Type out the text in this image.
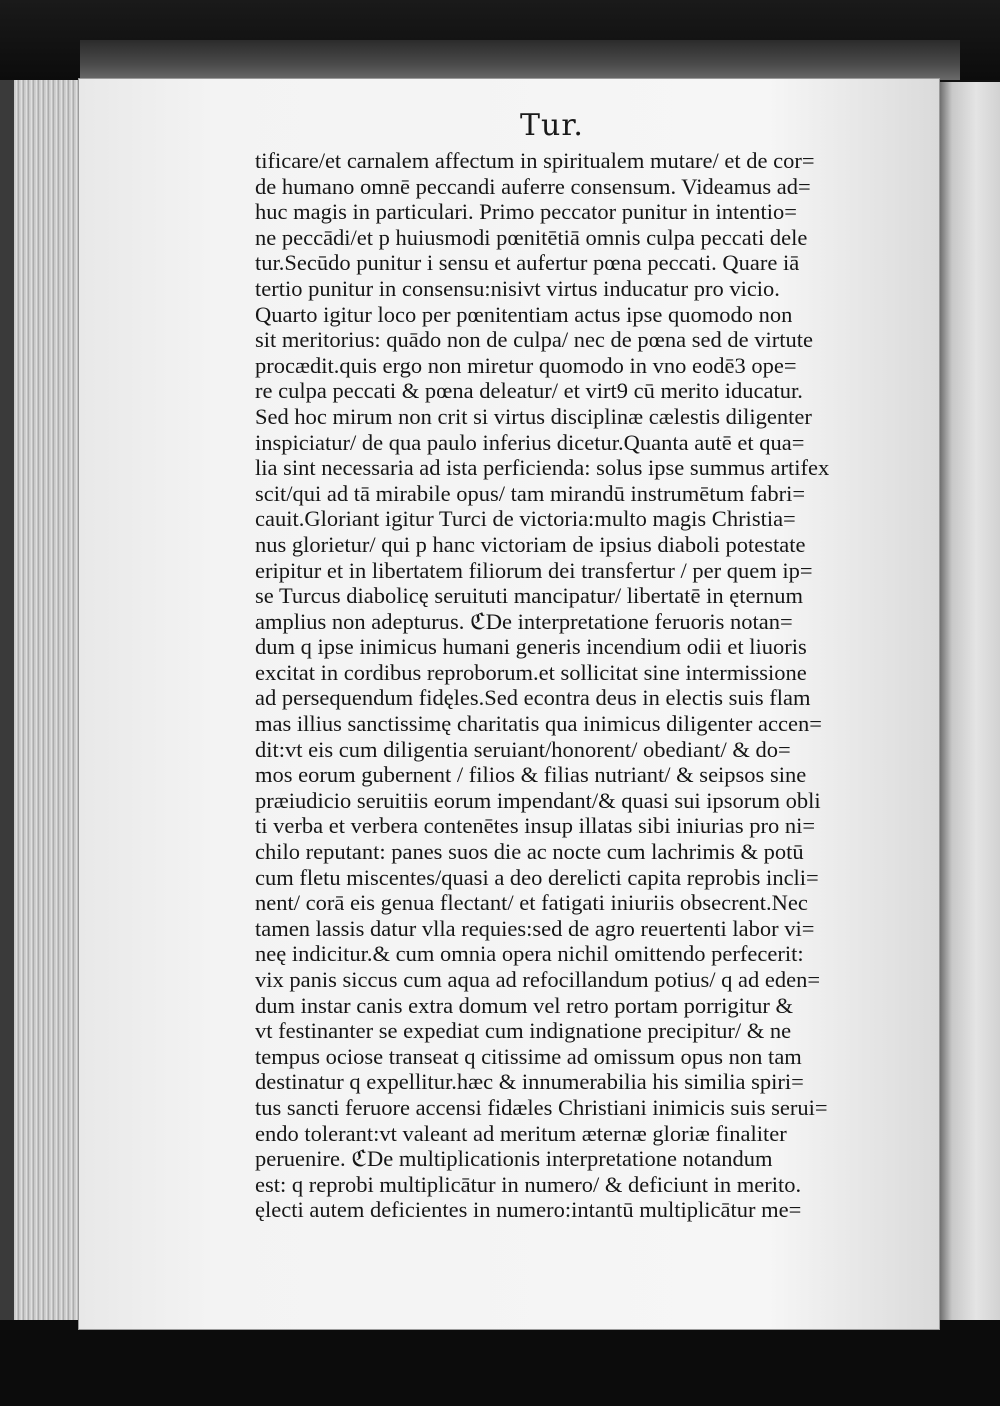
Tur.
tificare/et carnalem affectum in spiritualem mutare/ et de cor=
de humano omnē peccandi auferre consensum. Videamus ad=
huc magis in particulari. Primo peccator punitur in intentio=
ne peccādi/et p huiusmodi pœnitētiā omnis culpa peccati dele
tur.Secūdo punitur i sensu et aufertur pœna peccati. Quare iā
tertio punitur in consensu:nisivt virtus inducatur pro vicio.
Quarto igitur loco per pœnitentiam actus ipse quomodo non
sit meritorius: quādo non de culpa/ nec de pœna sed de virtute
procædit.quis ergo non miretur quomodo in vno eodē3 ope=
re culpa peccati & pœna deleatur/ et virt9 cū merito iducatur.
Sed hoc mirum non crit si virtus disciplinæ cælestis diligenter
inspiciatur/ de qua paulo inferius dicetur.Quanta autē et qua=
lia sint necessaria ad ista perficienda: solus ipse summus artifex
scit/qui ad tā mirabile opus/ tam mirandū instrumētum fabri=
cauit.Gloriant igitur Turci de victoria:multo magis Christia=
nus glorietur/ qui p hanc victoriam de ipsius diaboli potestate
eripitur et in libertatem filiorum dei transfertur / per quem ip=
se Turcus diabolicę seruituti mancipatur/ libertatē in ęternum
amplius non adepturus. ℭDe interpretatione feruoris notan=
dum q ipse inimicus humani generis incendium odii et liuoris
excitat in cordibus reproborum.et sollicitat sine intermissione
ad persequendum fidęles.Sed econtra deus in electis suis flam
mas illius sanctissimę charitatis qua inimicus diligenter accen=
dit:vt eis cum diligentia seruiant/honorent/ obediant/ & do=
mos eorum gubernent / filios & filias nutriant/ & seipsos sine
præiudicio seruitiis eorum impendant/& quasi sui ipsorum obli
ti verba et verbera contenētes insup illatas sibi iniurias pro ni=
chilo reputant: panes suos die ac nocte cum lachrimis & potū
cum fletu miscentes/quasi a deo derelicti capita reprobis incli=
nent/ corā eis genua flectant/ et fatigati iniuriis obsecrent.Nec
tamen lassis datur vlla requies:sed de agro reuertenti labor vi=
neę indicitur.& cum omnia opera nichil omittendo perfecerit:
vix panis siccus cum aqua ad refocillandum potius/ q ad eden=
dum instar canis extra domum vel retro portam porrigitur &
vt festinanter se expediat cum indignatione precipitur/ & ne
tempus ociose transeat q citissime ad omissum opus non tam
destinatur q expellitur.hæc & innumerabilia his similia spiri=
tus sancti feruore accensi fidæles Christiani inimicis suis serui=
endo tolerant:vt valeant ad meritum æternæ gloriæ finaliter
peruenire. ℭDe multiplicationis interpretatione notandum
est: q reprobi multiplicātur in numero/ & deficiunt in merito.
ęlecti autem deficientes in numero:intantū multiplicātur me=
